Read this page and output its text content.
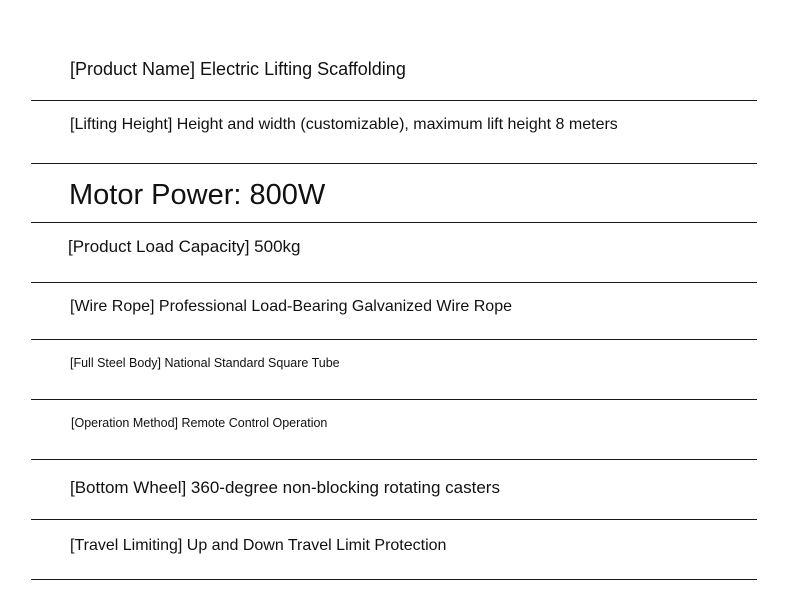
[Product Name] Electric Lifting Scaffolding
[Lifting Height] Height and width (customizable), maximum lift height 8 meters
Motor Power: 800W
[Product Load Capacity] 500kg
[Wire Rope] Professional Load-Bearing Galvanized Wire Rope
[Full Steel Body] National Standard Square Tube
[Operation Method] Remote Control Operation
[Bottom Wheel] 360-degree non-blocking rotating casters
[Travel Limiting] Up and Down Travel Limit Protection
